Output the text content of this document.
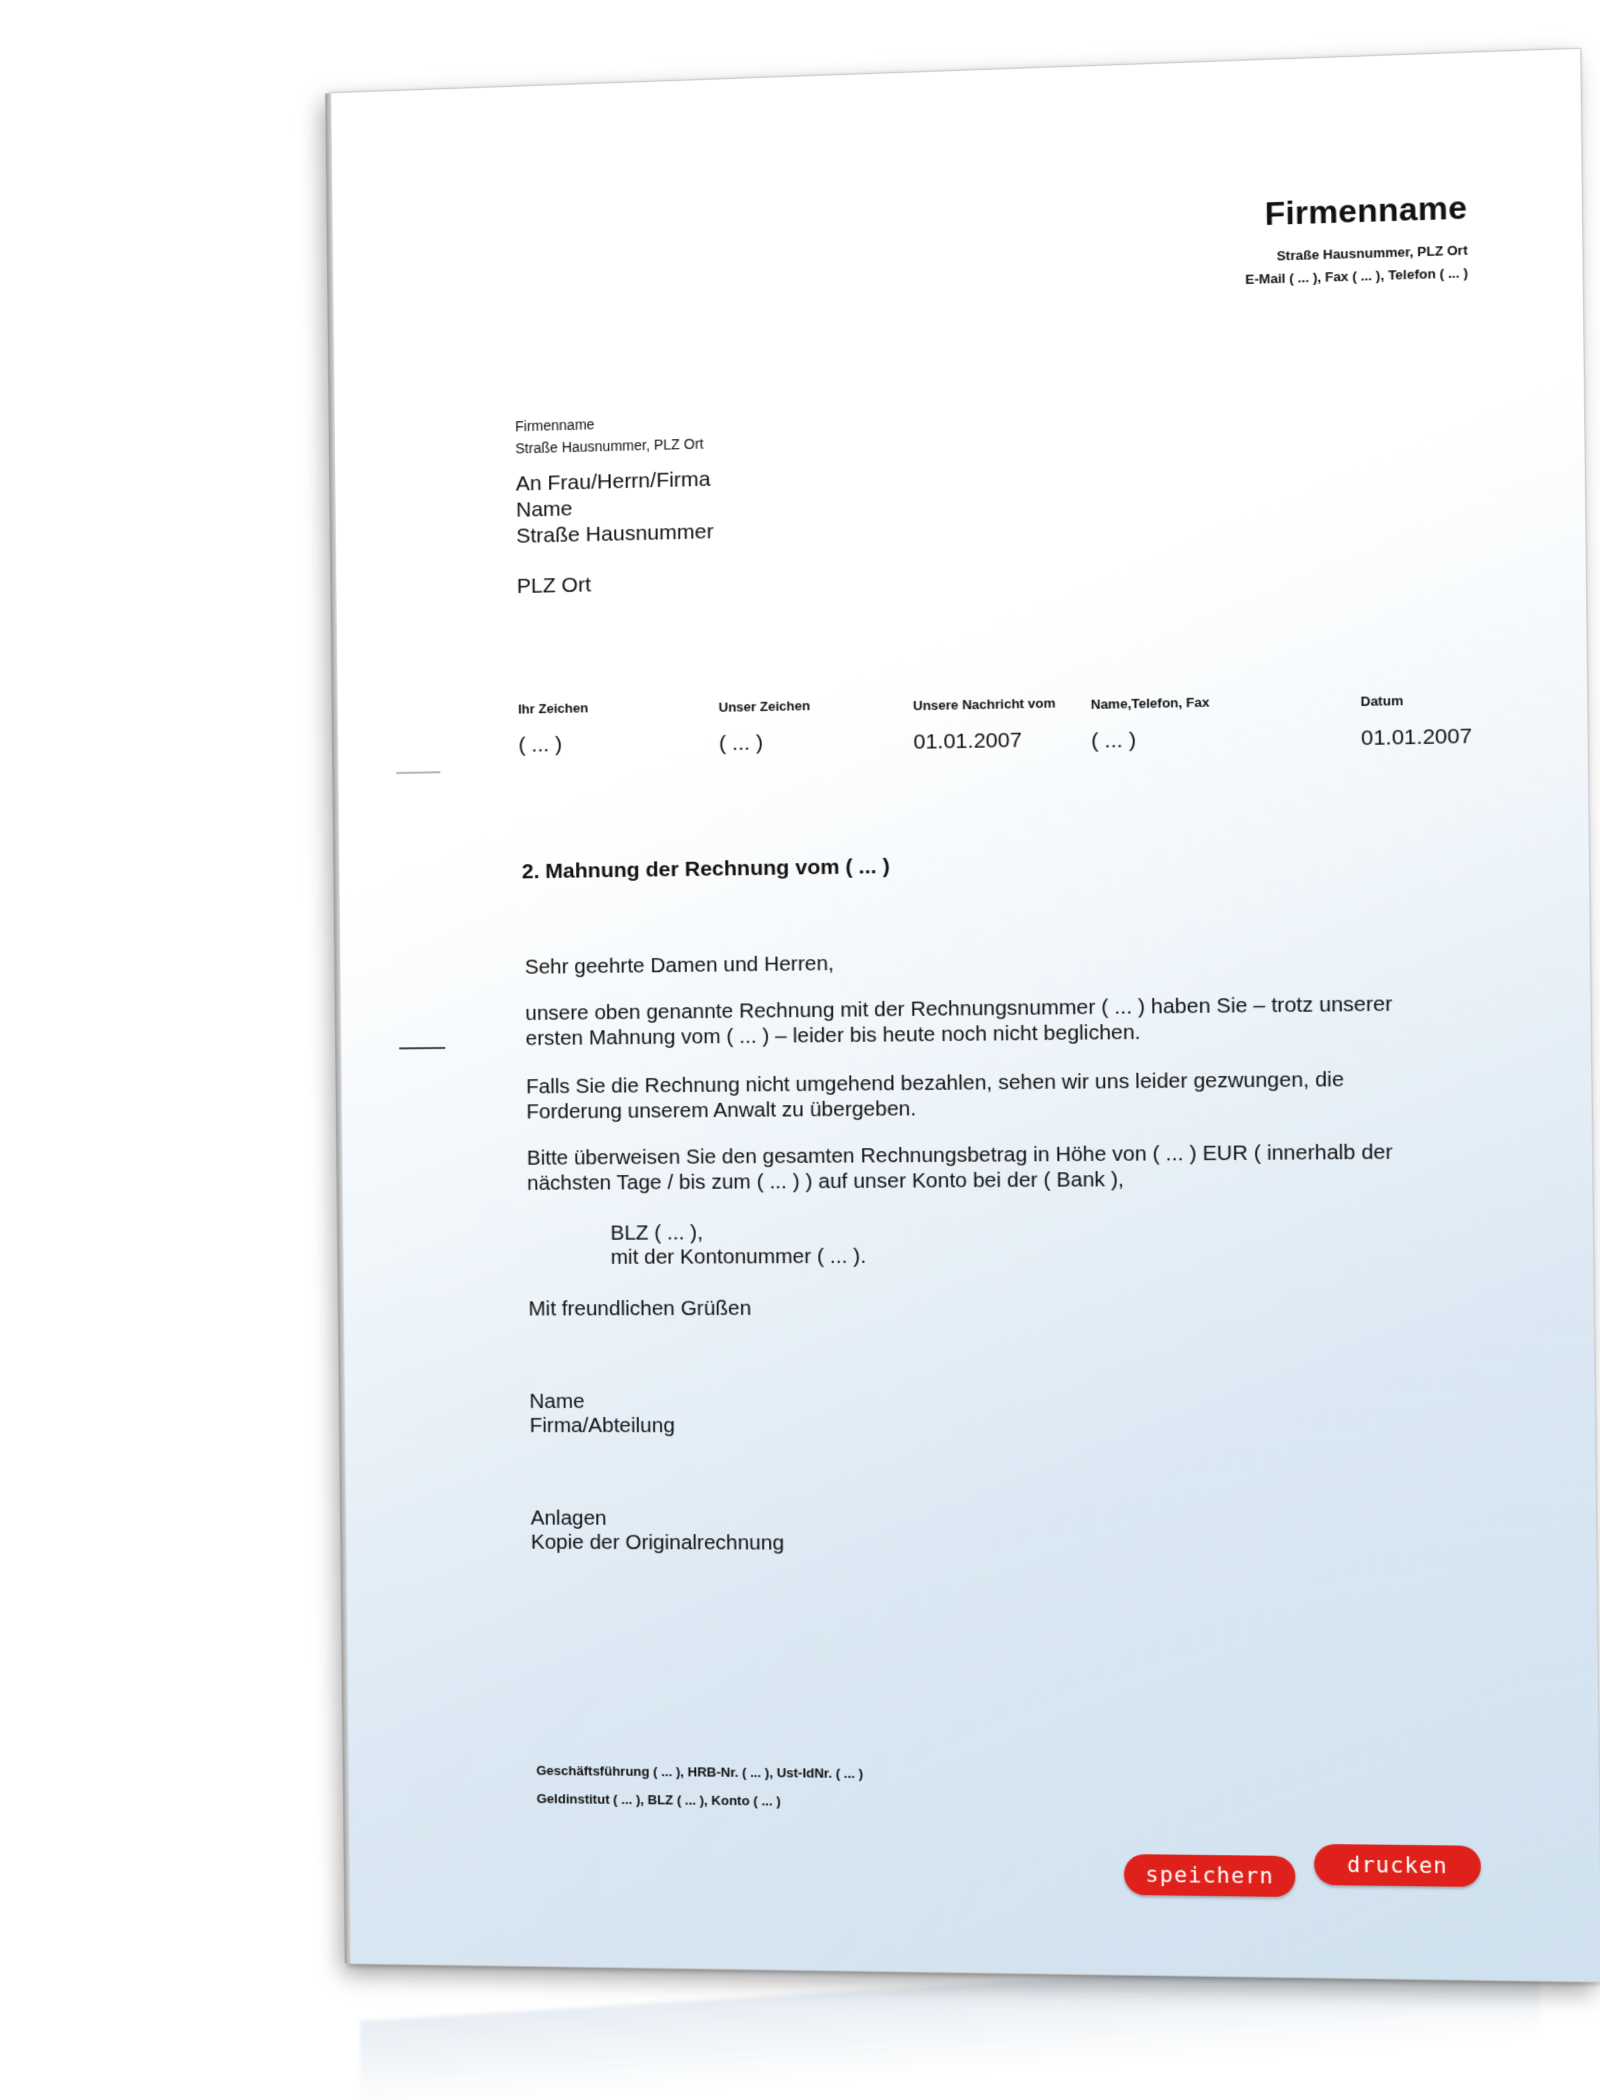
Firmenname
Straße Hausnummer, PLZ Ort
E-Mail ( ... ), Fax ( ... ), Telefon ( ... )
Firmenname
Straße Hausnummer, PLZ Ort
An Frau/Herrn/Firma
Name
Straße Hausnummer
PLZ Ort
Ihr Zeichen
( ... )
Unser Zeichen
( ... )
Unsere Nachricht vom
01.01.2007
Name,Telefon, Fax
( ... )
Datum
01.01.2007
2. Mahnung der Rechnung vom ( ... )
Sehr geehrte Damen und Herren,
unsere oben genannte Rechnung mit der Rechnungsnummer ( ... ) haben Sie – trotz unserer ersten Mahnung vom ( ... ) – leider bis heute noch nicht beglichen.
Falls Sie die Rechnung nicht umgehend bezahlen, sehen wir uns leider gezwungen, die Forderung unserem Anwalt zu übergeben.
Bitte überweisen Sie den gesamten Rechnungsbetrag in Höhe von ( ... ) EUR ( innerhalb der nächsten Tage / bis zum ( ... ) ) auf unser Konto bei der ( Bank ),
BLZ ( ... ),
mit der Kontonummer ( ... ).
Mit freundlichen Grüßen
Name
Firma/Abteilung
Anlagen
Kopie der Originalrechnung
Geschäftsführung ( ... ), HRB-Nr. ( ... ), Ust-IdNr. ( ... )
Geldinstitut ( ... ), BLZ ( ... ), Konto ( ... )
speichern	drucken
